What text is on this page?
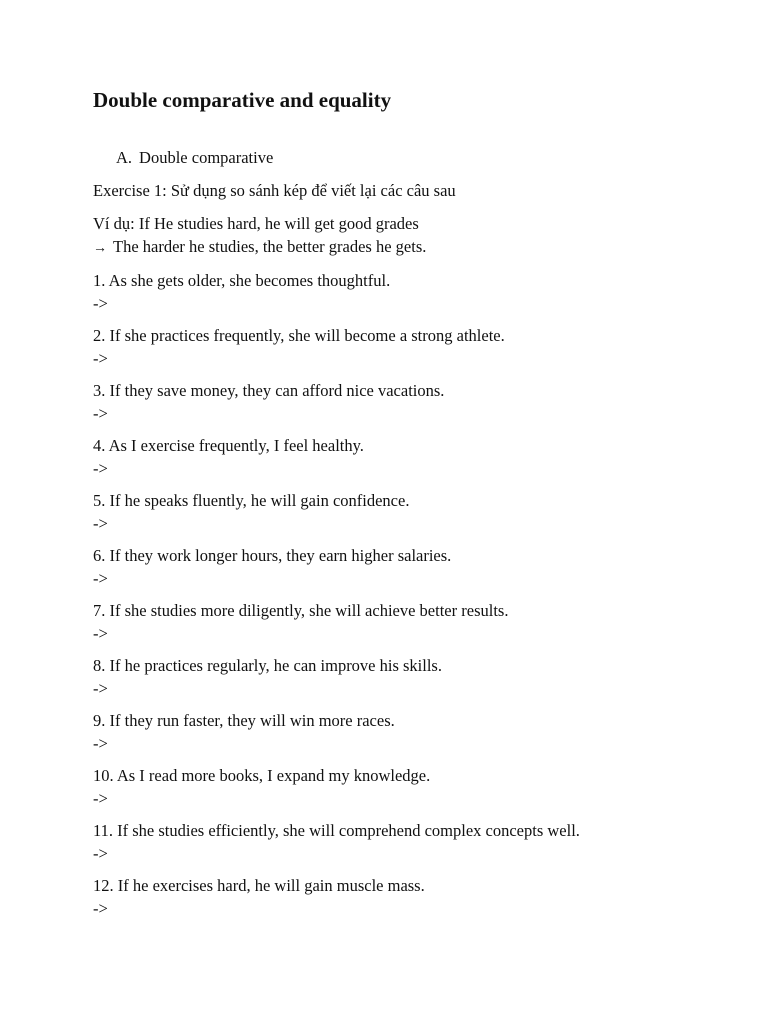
Double comparative and equality
A. Double comparative
Exercise 1: Sử dụng so sánh kép để viết lại các câu sau
Ví dụ: If He studies hard, he will get good grades
→ The harder he studies, the better grades he gets.
1. As she gets older, she becomes thoughtful.
->
2. If she practices frequently, she will become a strong athlete.
->
3. If they save money, they can afford nice vacations.
->
4. As I exercise frequently, I feel healthy.
->
5. If he speaks fluently, he will gain confidence.
->
6. If they work longer hours, they earn higher salaries.
->
7. If she studies more diligently, she will achieve better results.
->
8. If he practices regularly, he can improve his skills.
->
9. If they run faster, they will win more races.
->
10. As I read more books, I expand my knowledge.
->
11. If she studies efficiently, she will comprehend complex concepts well.
->
12. If he exercises hard, he will gain muscle mass.
->
